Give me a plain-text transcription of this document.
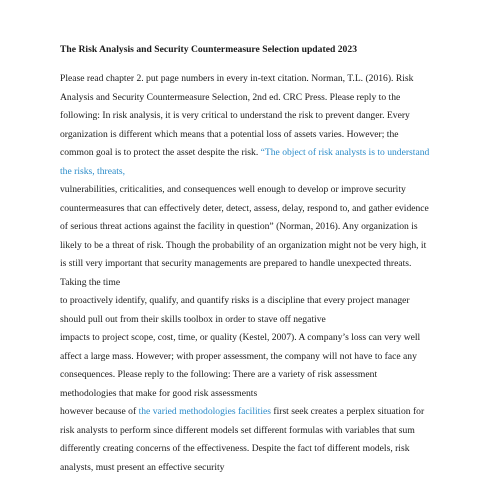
The Risk Analysis and Security Countermeasure Selection updated 2023
Please read chapter 2. put page numbers in every in-text citation. Norman, T.L. (2016). Risk
Analysis and Security Countermeasure Selection, 2nd ed. CRC Press. Please reply to the
following: In risk analysis, it is very critical to understand the risk to prevent danger. Every
organization is different which means that a potential loss of assets varies. However; the
common goal is to protect the asset despite the risk. “The object of risk analysts is to understand
the risks, threats,
vulnerabilities, criticalities, and consequences well enough to develop or improve security
countermeasures that can effectively deter, detect, assess, delay, respond to, and gather evidence
of serious threat actions against the facility in question” (Norman, 2016). Any organization is
likely to be a threat of risk. Though the probability of an organization might not be very high, it
is still very important that security managements are prepared to handle unexpected threats.
Taking the time
to proactively identify, qualify, and quantify risks is a discipline that every project manager
should pull out from their skills toolbox in order to stave off negative
impacts to project scope, cost, time, or quality (Kestel, 2007). A company’s loss can very well
affect a large mass. However; with proper assessment, the company will not have to face any
consequences. Please reply to the following: There are a variety of risk assessment
methodologies that make for good risk assessments
however because of the varied methodologies facilities first seek creates a perplex situation for
risk analysts to perform since different models set different formulas with variables that sum
differently creating concerns of the effectiveness. Despite the fact tof different models, risk
analysts, must present an effective security
